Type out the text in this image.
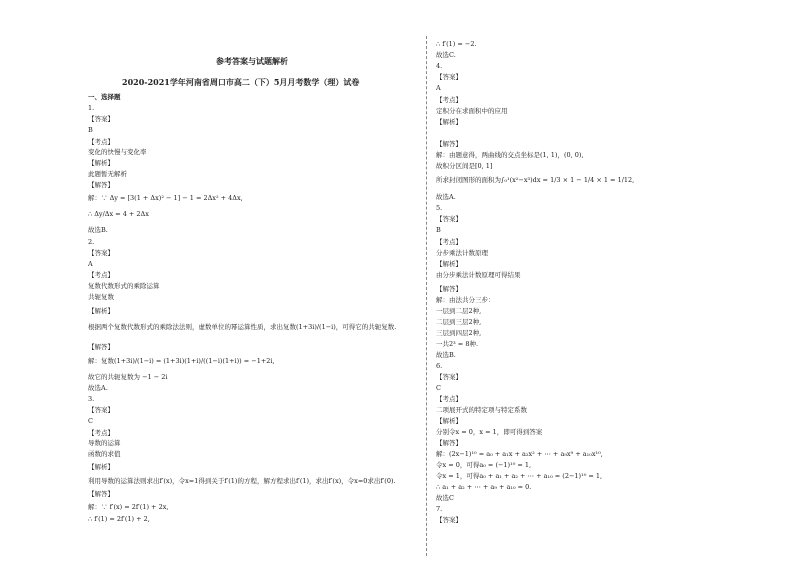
参考答案与试题解析
2020-2021学年河南省周口市高二（下）5月月考数学（理）试卷
一、选择题
1.
【答案】
B
【考点】
变化的快慢与变化率
【解析】
此题暂无解析
【解答】
解：∵ Δy = [3(1 + Δx)² − 1] − 1 = 2Δx² + 4Δx,
∴ Δy/Δx = 4 + 2Δx
故选B.
2.
【答案】
A
【考点】
复数代数形式的乘除运算
共轭复数
【解析】
根据两个复数代数形式的乘除法法则，虚数单位的幂运算性质，求出复数(1+3i)/(1−i)，可得它的共轭复数.
【解答】
解：复数(1+3i)/(1−i) = (1+3i)(1+i)/((1−i)(1+i)) = −1+2i,
故它的共轭复数为 −1 − 2i
故选A.
3.
【答案】
C
【考点】
导数的运算
函数的求值
【解析】
利用导数的运算法则求出f′(x)，令x=1得到关于f′(1)的方程，解方程求出f′(1)，求出f′(x)，令x=0求出f′(0).
【解答】
解：∵ f′(x) = 2f′(1) + 2x,
∴ f′(1) = 2f′(1) + 2,
∴ f′(1) = −2.
故选C.
4.
【答案】
A
【考点】
定积分在求面积中的应用
【解析】
【解答】
解：由题意得，两曲线的交点坐标是(1, 1)，(0, 0),
故积分区间是[0, 1]
所求封闭图形的面积为∫₀¹(x²−x³)dx = 1/3 × 1 − 1/4 × 1 = 1/12,
故选A.
5.
【答案】
B
【考点】
分步乘法计数原理
【解析】
由分步乘法计数原理可得结果
【解答】
解：由法共分三步：
一层到二层2种,
二层到三层2种,
三层到四层2种,
一共2³ = 8种.
故选B.
6.
【答案】
C
【考点】
二项展开式的特定项与特定系数
【解析】
分别令x = 0，x = 1，即可得到答案
【解答】
解：(2x−1)¹⁰ = a₀ + a₁x + a₂x² + ⋯ + a₉x⁹ + a₁₀x¹⁰,
令x = 0，可得a₀ = (−1)¹⁰ = 1,
令x = 1，可得a₀ + a₁ + a₂ + ⋯ + a₁₀ = (2−1)¹⁰ = 1,
∴ a₁ + a₂ + ⋯ + a₉ + a₁₀ = 0.
故选C
7.
【答案】
